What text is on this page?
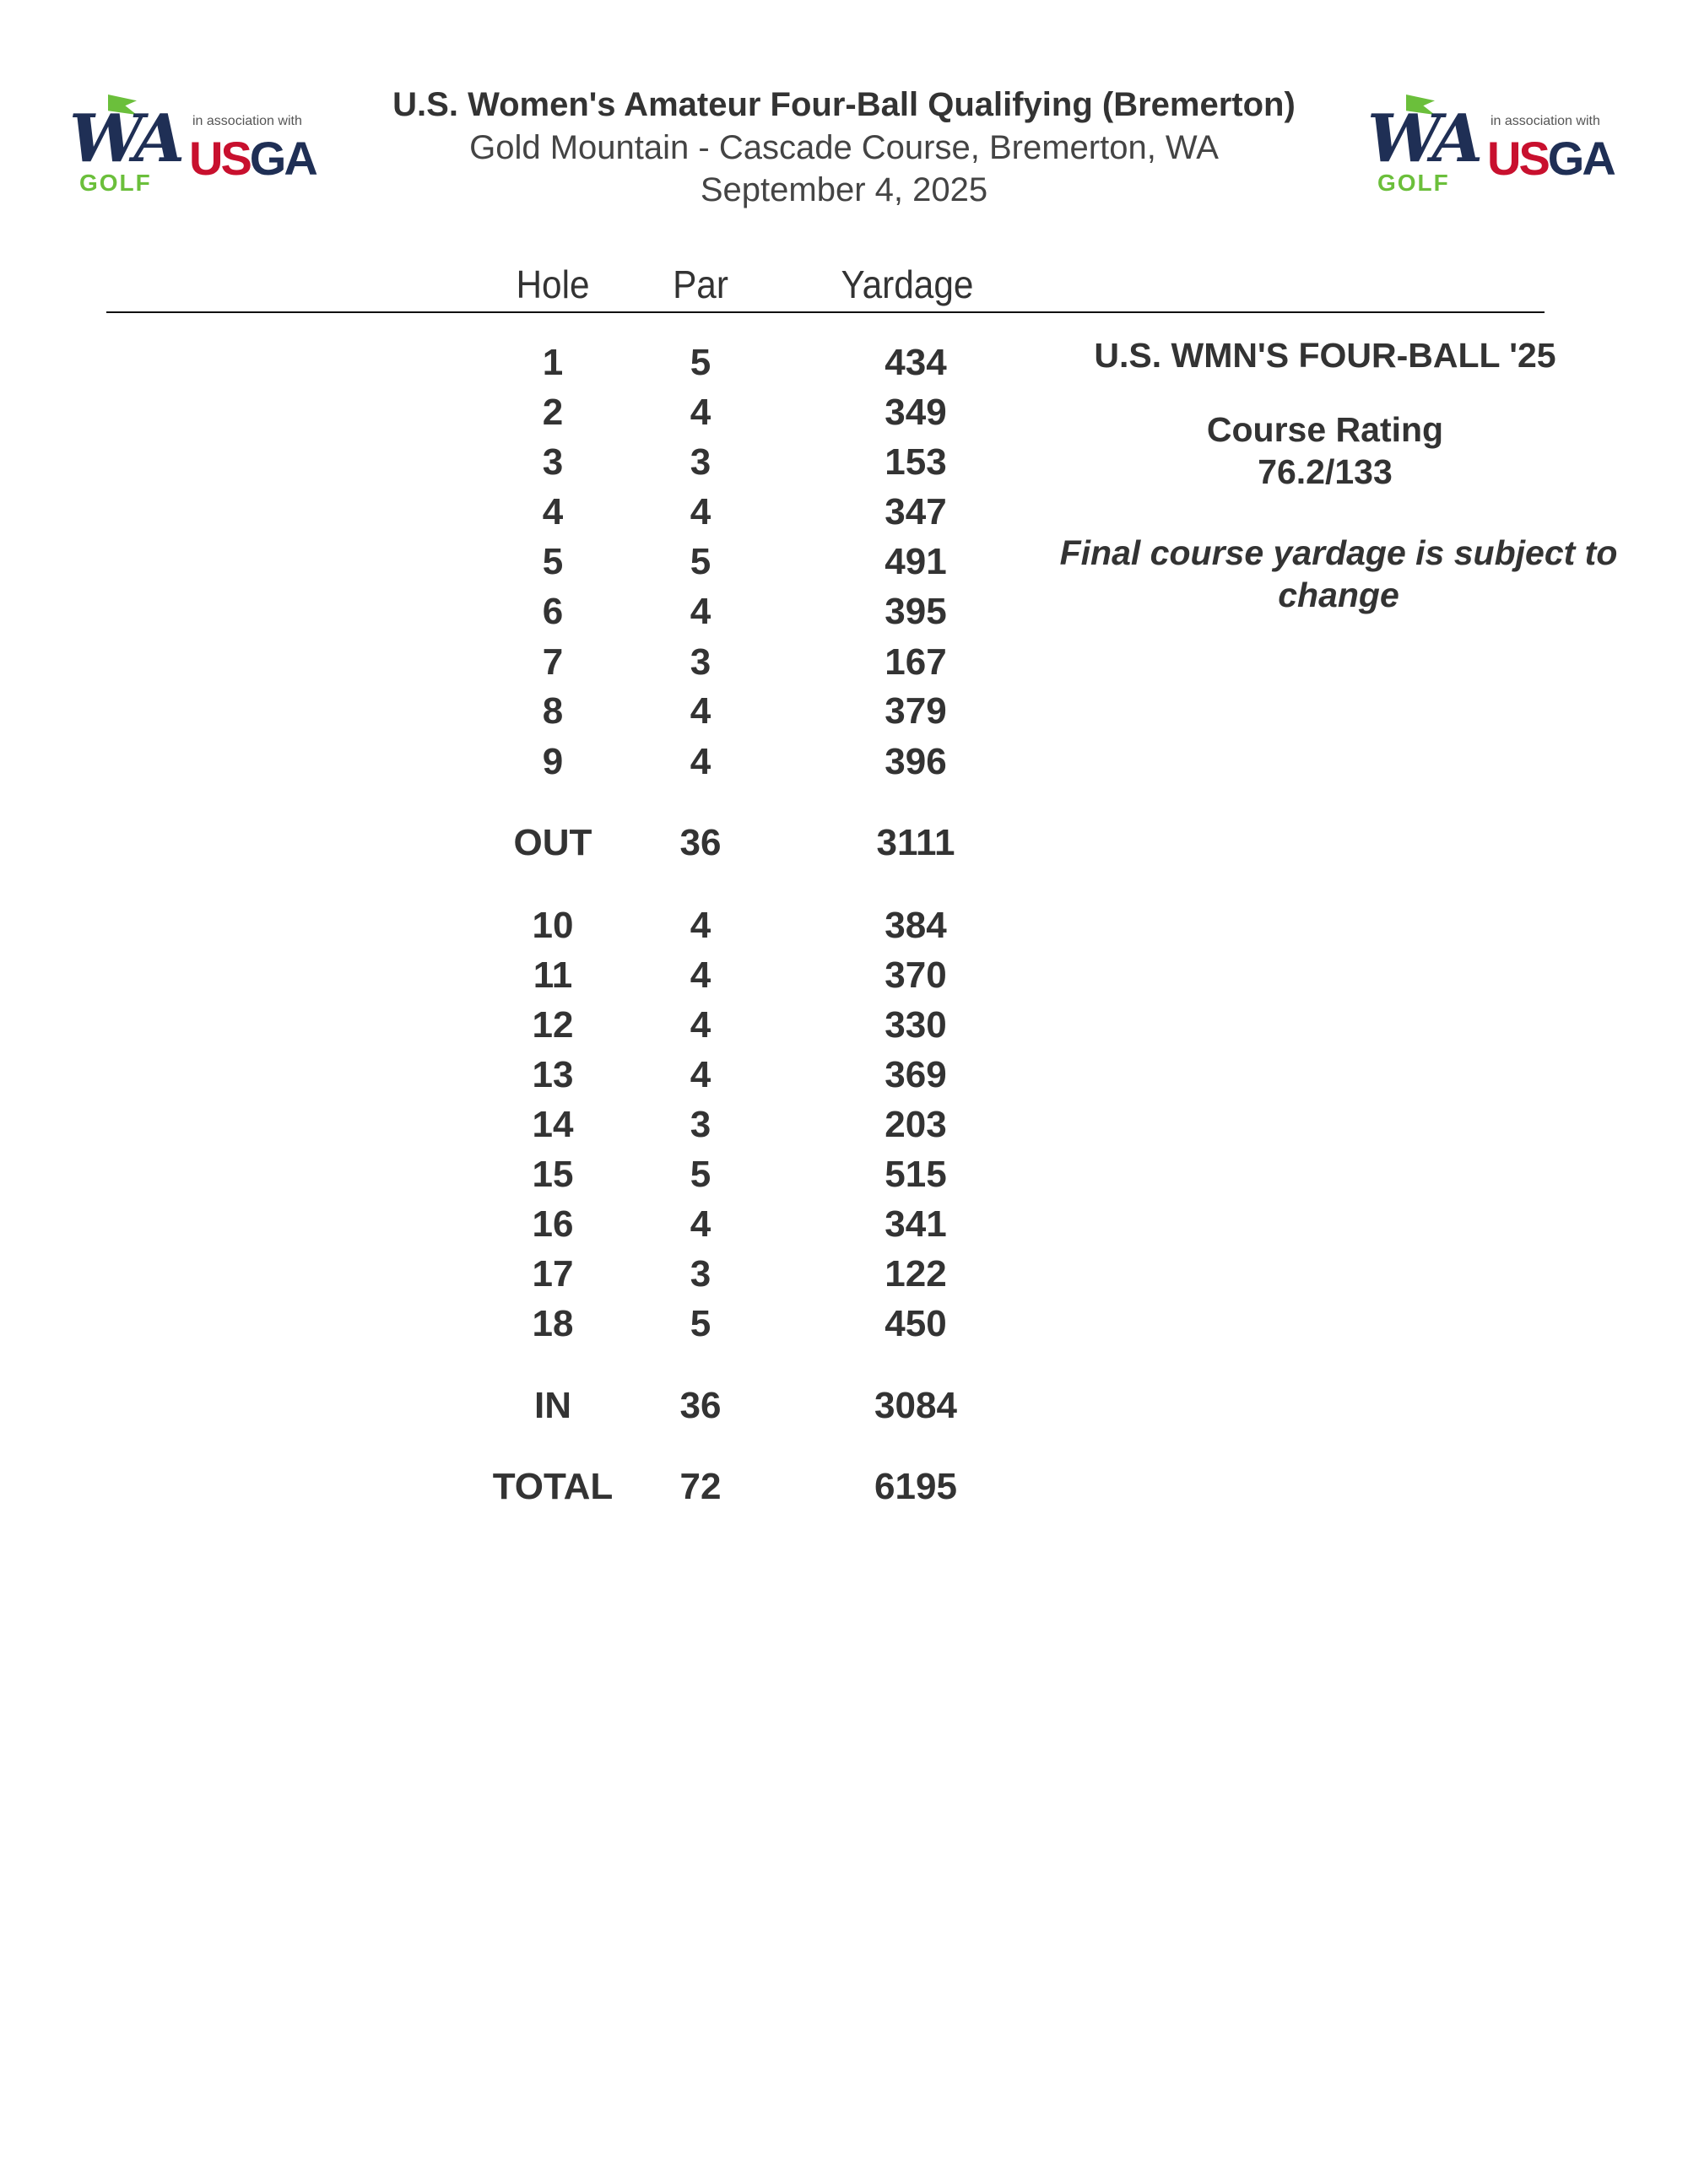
WA
GOLF
in association with
USGA	WA
GOLF
in association with
USGA
U.S. Women's Amateur Four-Ball Qualifying (Bremerton)
Gold Mountain - Cascade Course, Bremerton, WA
September 4, 2025
Hole	Par	Yardage
1	5	434
2	4	349
3	3	153
4	4	347
5	5	491
6	4	395
7	3	167
8	4	379
9	4	396
OUT	36	3111
10	4	384
11	4	370
12	4	330
13	4	369
14	3	203
15	5	515
16	4	341
17	3	122
18	5	450
IN	36	3084
TOTAL	72	6195
U.S. WMN'S FOUR-BALL '25
Course Rating
76.2/133
Final course yardage is subject to change
